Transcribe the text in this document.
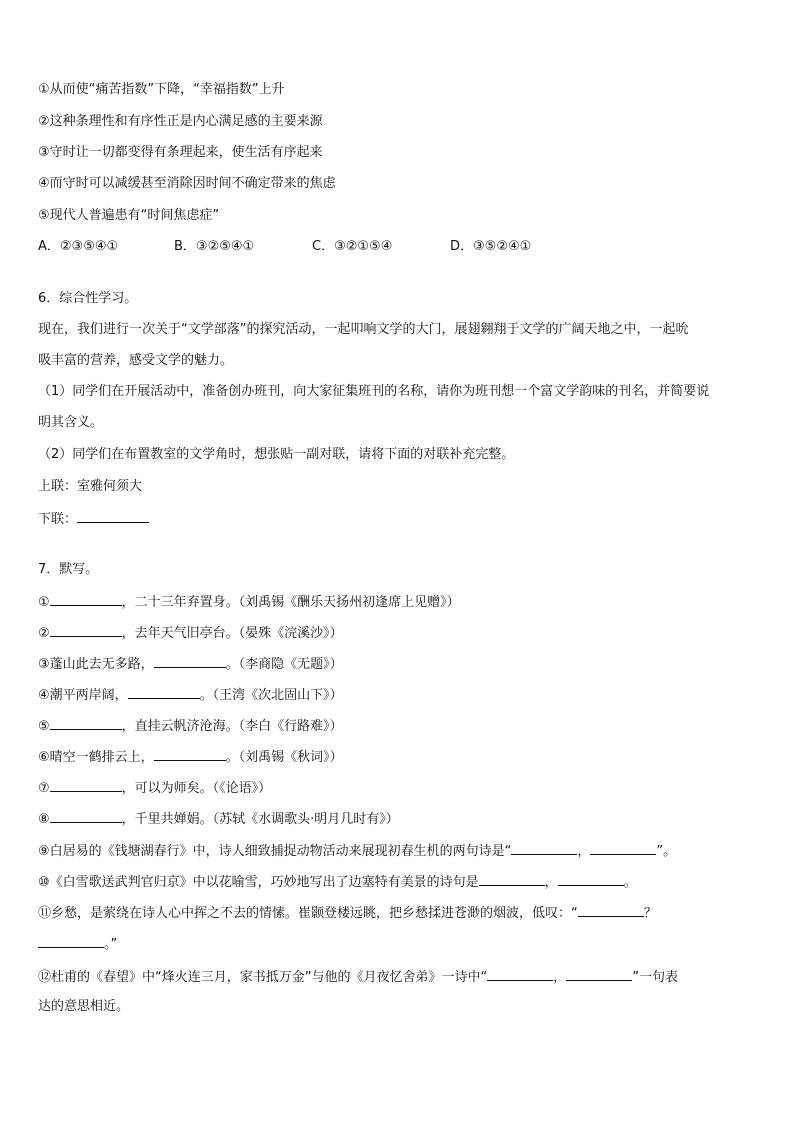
①从而使“痛苦指数”下降，“幸福指数”上升
②这种条理性和有序性正是内心满足感的主要来源
③守时让一切都变得有条理起来，使生活有序起来
④而守时可以减缓甚至消除因时间不确定带来的焦虑
⑤现代人普遍患有“时间焦虑症”
A．②③⑤④①	B．③②⑤④①	C．③②①⑤④	D．③⑤②④①
6．综合性学习。
现在，我们进行一次关于“文学部落”的探究活动，一起叩响文学的大门，展翅翱翔于文学的广阔天地之中，一起吮
吸丰富的营养，感受文学的魅力。
（1）同学们在开展活动中，准备创办班刊，向大家征集班刊的名称，请你为班刊想一个富文学韵味的刊名，并简要说
明其含义。
（2）同学们在布置教室的文学角时，想张贴一副对联，请将下面的对联补充完整。
上联：室雅何须大
下联：
7．默写。
①	，二十三年弃置身。（刘禹锡《酬乐天扬州初逢席上见赠》）
②	，去年天气旧亭台。（晏殊《浣溪沙》）
③蓬山此去无多路，	。（李商隐《无题》）
④潮平两岸阔，	。（王湾《次北固山下》）
⑤	，直挂云帆济沧海。（李白《行路难》）
⑥晴空一鹤排云上，	。（刘禹锡《秋词》）
⑦	，可以为师矣。（《论语》）
⑧	，千里共婵娟。（苏轼《水调歌头·明月几时有》）
⑨白居易的《钱塘湖春行》中，诗人细致捕捉动物活动来展现初春生机的两句诗是“	，	”。
⑩《白雪歌送武判官归京》中以花喻雪，巧妙地写出了边塞特有美景的诗句是	，	。
⑪乡愁，是萦绕在诗人心中挥之不去的情愫。崔颢登楼远眺，把乡愁揉进苍渺的烟波，低叹：“	？
。”
⑫杜甫的《春望》中“烽火连三月，家书抵万金”与他的《月夜忆舍弟》一诗中“	，	”一句表
达的意思相近。
